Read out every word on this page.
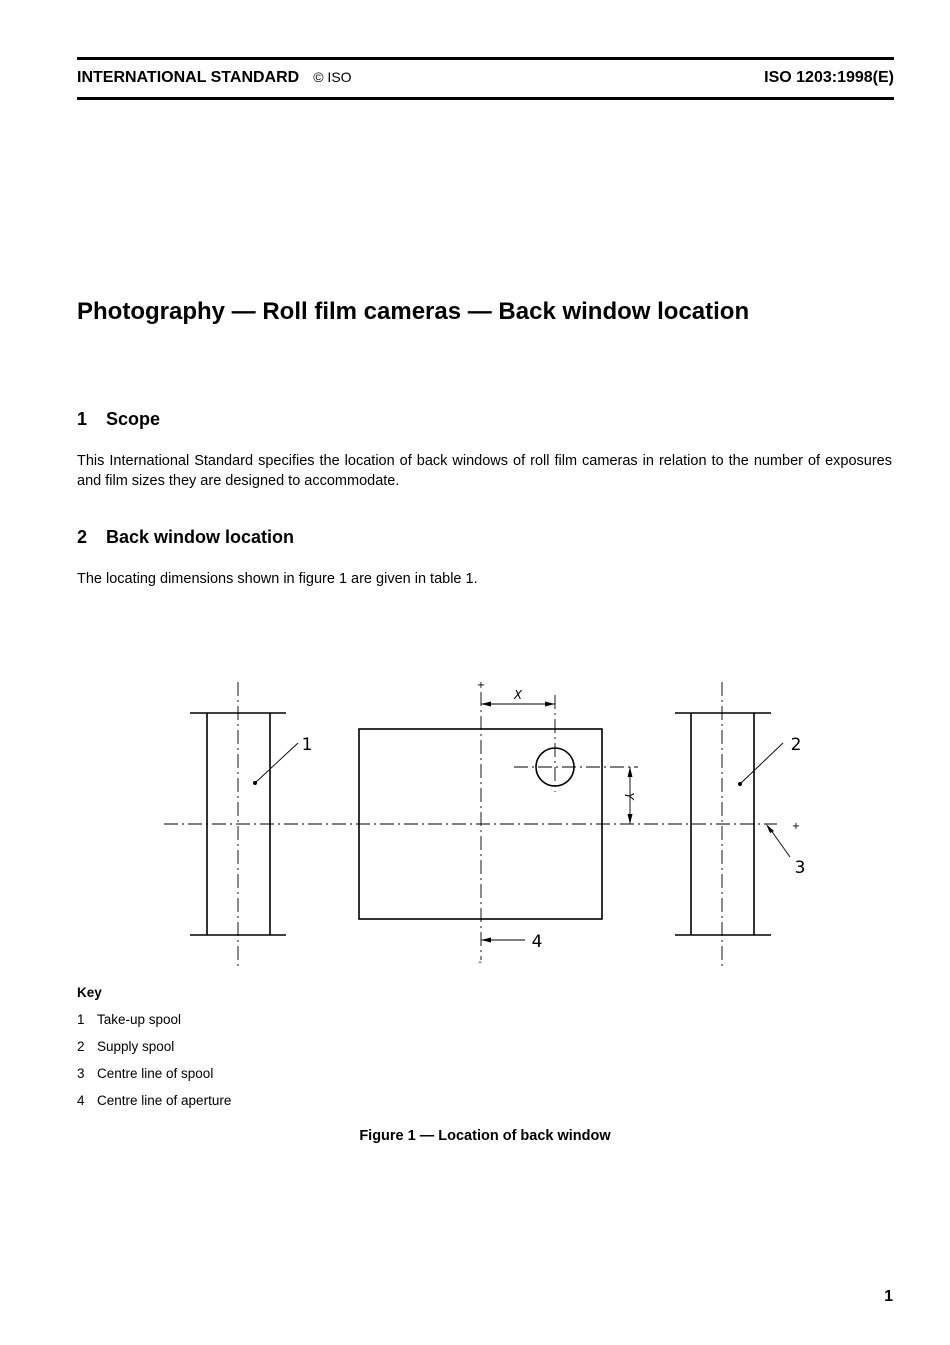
INTERNATIONAL STANDARD © ISO	ISO 1203:1998(E)
Photography — Roll film cameras — Back window location
1 Scope
This International Standard specifies the location of back windows of roll film cameras in relation to the number of exposures and film sizes they are designed to accommodate.
2 Back window location
The locating dimensions shown in figure 1 are given in table 1.
+
+
-
X
Y
1	2
3
4
Key
1 Take-up spool
2 Supply spool
3 Centre line of spool
4 Centre line of aperture
Figure 1 — Location of back window
1
